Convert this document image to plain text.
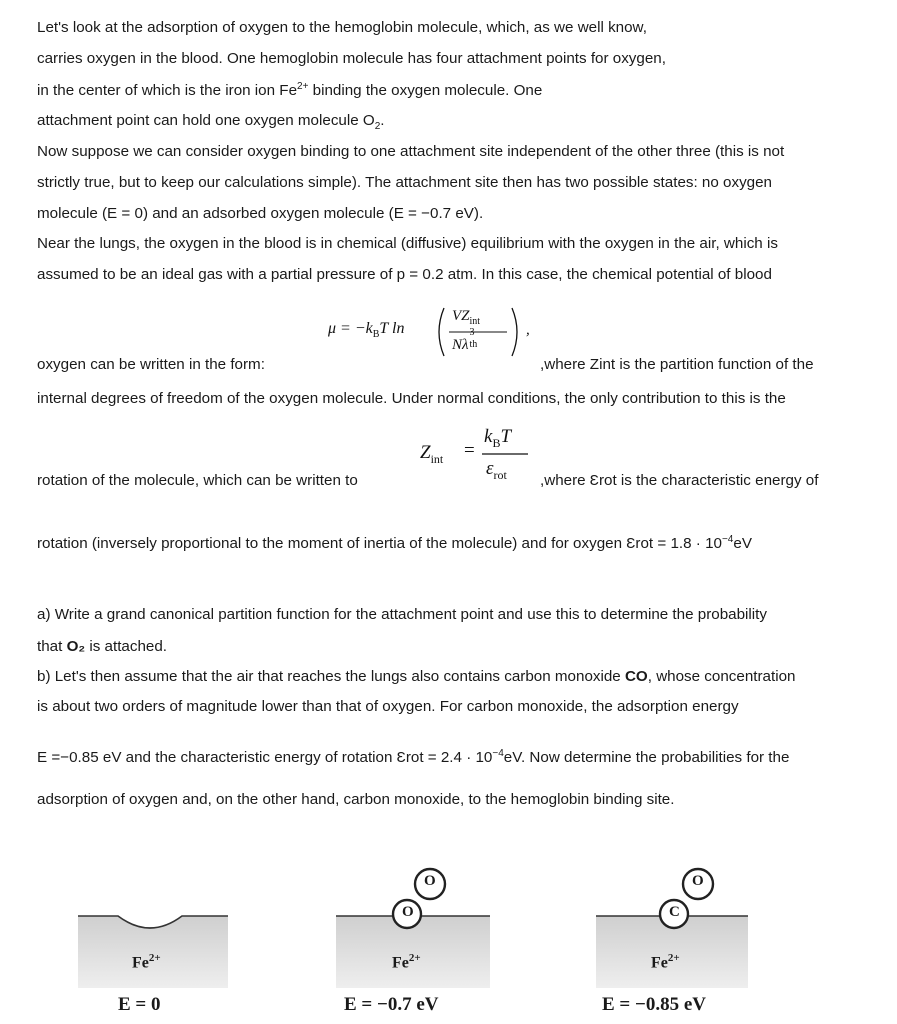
Let's look at the adsorption of oxygen to the hemoglobin molecule, which, as we well know,
carries oxygen in the blood. One hemoglobin molecule has four attachment points for oxygen,
in the center of which is the iron ion $Fe^{2+}$ binding the oxygen molecule. One
attachment point can hold one oxygen molecule $O_2$.
Now suppose we can consider oxygen binding to one attachment site independent of the other three (this is not
strictly true, but to keep our calculations simple). The attachment site then has two possible states: no oxygen
molecule (E = 0) and an adsorbed oxygen molecule (E = −0.7 eV).
Near the lungs, the oxygen in the blood is in chemical (diffusive) equilibrium with the oxygen in the air, which is
assumed to be an ideal gas with a partial pressure of p = 0.2 atm. In this case, the chemical potential of blood
$\mu = -k_BT$ ln
$VZ_{int}$
Nλ
3
th
,
oxygen can be written in the form:	,where Zint is the partition function of the
internal degrees of freedom of the oxygen molecule. Under normal conditions, the only contribution to this is the
$Z_{int}$ =
$k_BT$
$\varepsilon_{rot}$
rotation of the molecule, which can be written to	,where Ɛrot is the characteristic energy of
rotation (inversely proportional to the moment of inertia of the molecule) and for oxygen Ɛrot = $1.8 \cdot 10^{-4}eV$
a) Write a grand canonical partition function for the attachment point and use this to determine the probability
that O₂ is attached.
b) Let's then assume that the air that reaches the lungs also contains carbon monoxide CO, whose concentration
is about two orders of magnitude lower than that of oxygen. For carbon monoxide, the adsorption energy
E =−0.85 eV and the characteristic energy of rotation Ɛrot = $2.4 \cdot 10^{-4}eV$. Now determine the probabilities for the
adsorption of oxygen and, on the other hand, carbon monoxide, to the hemoglobin binding site.
O
O
C
O
$Fe^{2+}$	$Fe^{2+}$	$Fe^{2+}$
E = 0	E = −0.7 eV	E = −0.85 eV
